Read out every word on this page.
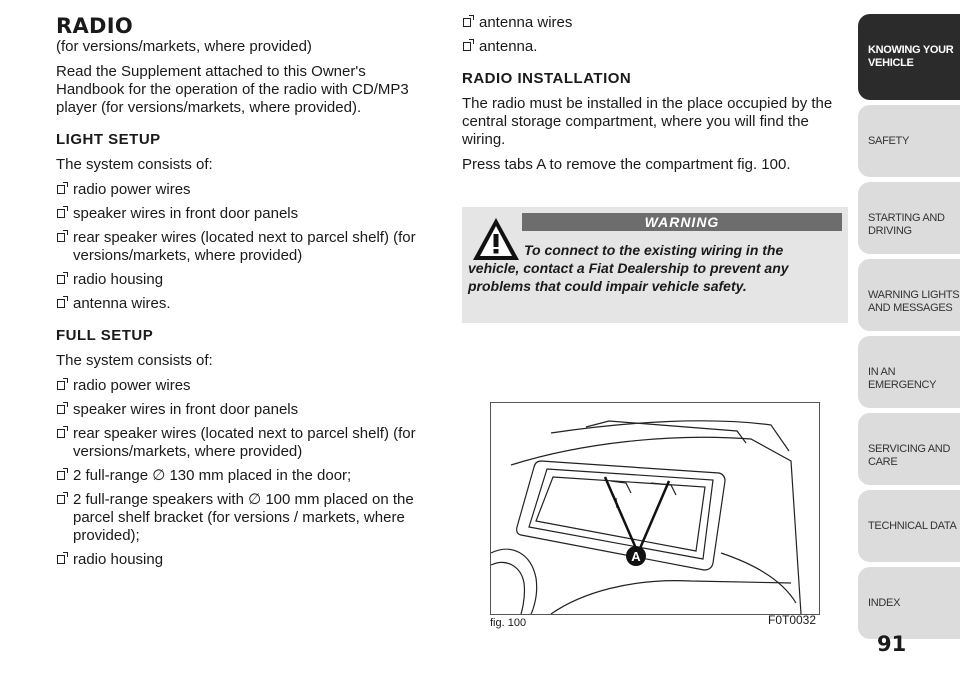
RADIO

(for versions/markets, where provided)

Read the Supplement attached to this Owner's Handbook for the operation of the radio with CD/MP3 player (for versions/markets, where provided).

LIGHT SETUP

The system consists of:

radio power wires
speaker wires in front door panels
rear speaker wires (located next to parcel shelf) (for versions/markets, where provided)
radio housing
antenna wires.
FULL SETUP

The system consists of:

radio power wires
speaker wires in front door panels
rear speaker wires (located next to parcel shelf) (for versions/markets, where provided)
2 full-range ∅ 130 mm placed in the door;
2 full-range speakers with ∅ 100 mm placed on the parcel shelf bracket (for versions / markets, where provided);
radio housing
antenna wires
antenna.
RADIO INSTALLATION

The radio must be installed in the place occupied by the central storage compartment, where you will find the wiring.

Press tabs A to remove the compartment fig. 100.

WARNING
To connect to the existing wiring in the vehicle, contact a Fiat Dealership to prevent any problems that could impair vehicle safety.
A
fig. 100	F0T0032
KNOWING YOUR VEHICLE
SAFETY
STARTING AND DRIVING
WARNING LIGHTS AND MESSAGES
IN AN EMERGENCY
SERVICING AND CARE
TECHNICAL DATA
INDEX
91
